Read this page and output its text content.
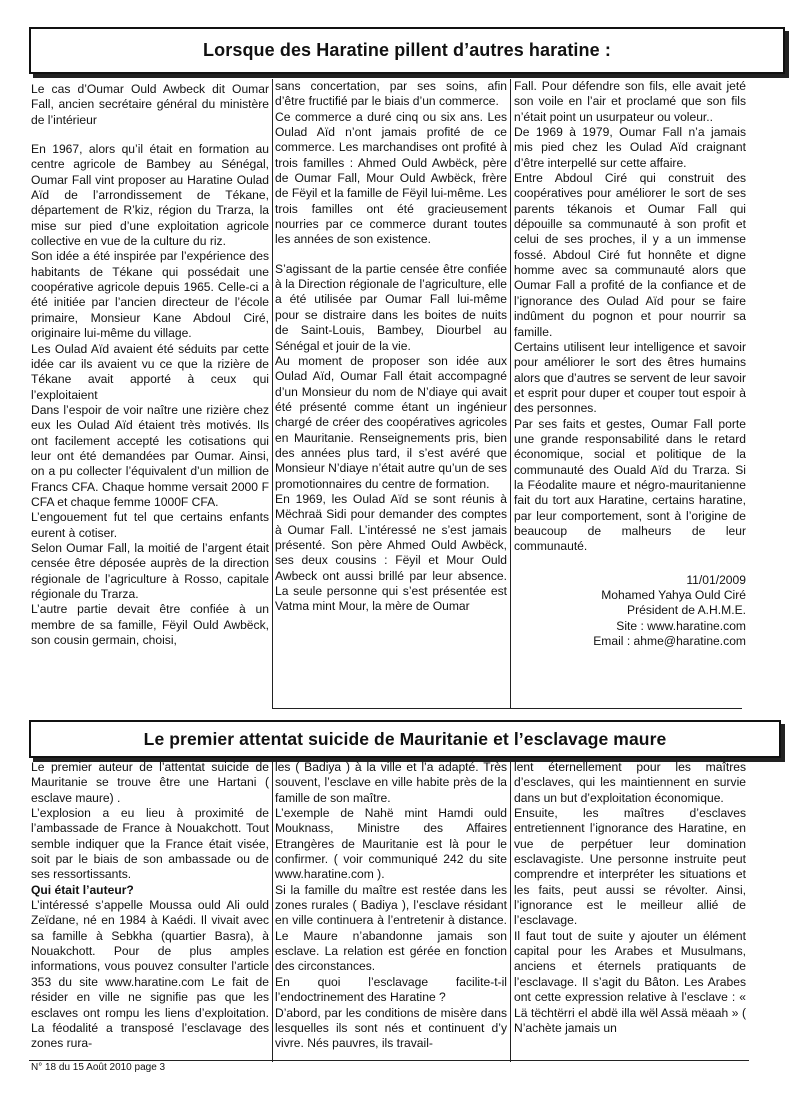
Lorsque des Haratine pillent d’autres haratine :

Le cas d’Oumar Ould Awbeck dit Oumar Fall, ancien secrétaire général du ministère de l’intérieur

En 1967, alors qu’il était en formation au centre agricole de Bambey au Sénégal, Oumar Fall vint proposer au Haratine Oulad Aïd de l’arrondissement de Tékane, département de R’kiz, région du Trarza, la mise sur pied d’une exploitation agricole collective en vue de la culture du riz.

Son idée a été inspirée par l’expérience des habitants de Tékane qui possédait une coopérative agricole depuis 1965. Celle-ci a été initiée par l’ancien directeur de l’école primaire, Monsieur Kane Abdoul Ciré, originaire lui-même du village.

Les Oulad Aïd avaient été séduits par cette idée car ils avaient vu ce que la rizière de Tékane avait apporté à ceux qui l’exploitaient

Dans l’espoir de voir naître une rizière chez eux les Oulad Aïd étaient très motivés. Ils ont facilement accepté les cotisations qui leur ont été demandées par Oumar. Ainsi, on a pu collecter l’équivalent d’un million de Francs CFA. Chaque homme versait 2000 F CFA et chaque femme 1000F CFA.

L’engouement fut tel que certains enfants eurent à cotiser.

Selon Oumar Fall, la moitié de l’argent était censée être déposée auprès de la direction régionale de l’agriculture à Rosso, capitale régionale du Trarza.

L’autre partie devait être confiée à un membre de sa famille, Fëyil Ould Awbëck, son cousin germain, choisi,

sans concertation, par ses soins, afin d’être fructifié par le biais d’un commerce.

Ce commerce a duré cinq ou six ans. Les Oulad Aïd n’ont jamais profité de ce commerce. Les marchandises ont profité à trois familles : Ahmed Ould Awbëck, père de Oumar Fall, Mour Ould Awbëck, frère de Fëyil et la famille de Fëyil lui-même. Les trois familles ont été gracieusement nourries par ce commerce durant toutes les années de son existence.

S’agissant de la partie censée être confiée à la Direction régionale de l’agriculture, elle a été utilisée par Oumar Fall lui-même pour se distraire dans les boites de nuits de Saint-Louis, Bambey, Diourbel au Sénégal et jouir de la vie.

Au moment de proposer son idée aux Oulad Aïd, Oumar Fall était accompagné d’un Monsieur du nom de N’diaye qui avait été présenté comme étant un ingénieur chargé de créer des coopératives agricoles en Mauritanie. Renseignements pris, bien des années plus tard, il s’est avéré que Monsieur N’diaye n’était autre qu’un de ses promotionnaires du centre de formation.

En 1969, les Oulad Aïd se sont réunis à Mëchraä Sidi pour demander des comptes à Oumar Fall. L’intéressé ne s’est jamais présenté. Son père Ahmed Ould Awbëck, ses deux cousins : Fëyil et Mour Ould Awbeck ont aussi brillé par leur absence. La seule personne qui s’est présentée est Vatma mint Mour, la mère de Oumar

Fall. Pour défendre son fils, elle avait jeté son voile en l’air et proclamé que son fils n’était point un usurpateur ou voleur..

De 1969 à 1979, Oumar Fall n’a jamais mis pied chez les Oulad Aïd craignant d’être interpellé sur cette affaire.

Entre Abdoul Ciré qui construit des coopératives pour améliorer le sort de ses parents tékanois et Oumar Fall qui dépouille sa communauté à son profit et celui de ses proches, il y a un immense fossé. Abdoul Ciré fut honnête et digne homme avec sa communauté alors que Oumar Fall a profité de la confiance et de l’ignorance des Oulad Aïd pour se faire indûment du pognon et pour nourrir sa famille.

Certains utilisent leur intelligence et savoir pour améliorer le sort des êtres humains alors que d’autres se servent de leur savoir et esprit pour duper et couper tout espoir à des personnes.

Par ses faits et gestes, Oumar Fall porte une grande responsabilité dans le retard économique, social et politique de la communauté des Ouald Aïd du Trarza. Si la Féodalite maure et négro-mauritanienne fait du tort aux Haratine, certains haratine, par leur comportement, sont à l’origine de beaucoup de malheurs de leur communauté.

11/01/2009

Mohamed Yahya Ould Ciré

Président de A.H.M.E.

Site : www.haratine.com

Email : ahme@haratine.com

Le premier attentat suicide de Mauritanie et l’esclavage maure

Le premier auteur de l’attentat suicide de Mauritanie se trouve être une Hartani ( esclave maure) .

L’explosion a eu lieu à proximité de l’ambassade de France à Nouakchott. Tout semble indiquer que la France était visée, soit par le biais de son ambassade ou de ses ressortissants.

Qui était l’auteur?

L’intéressé s’appelle Moussa ould Ali ould Zeïdane, né en 1984 à Kaédi. Il vivait avec sa famille à Sebkha (quartier Basra), à Nouakchott. Pour de plus amples informations, vous pouvez consulter l’article 353 du site www.haratine.com Le fait de résider en ville ne signifie pas que les esclaves ont rompu les liens d’exploitation. La féodalité a transposé l’esclavage des zones rura-

les ( Badiya ) à la ville et l’a adapté. Très souvent, l’esclave en ville habite près de la famille de son maître.

L’exemple de Nahë mint Hamdi ould Mouknass, Ministre des Affaires Etrangères de Mauritanie est là pour le confirmer. ( voir communiqué 242 du site www.haratine.com ).

Si la famille du maître est restée dans les zones rurales ( Badiya ), l’esclave résidant en ville continuera à l’entretenir à distance. Le Maure n’abandonne jamais son esclave. La relation est gérée en fonction des circonstances.

En quoi l’esclavage facilite-t-il l’endoctrinement des Haratine ?

D’abord, par les conditions de misère dans lesquelles ils sont nés et continuent d’y vivre. Nés pauvres, ils travail-

lent éternellement pour les maîtres d’esclaves, qui les maintiennent en survie dans un but d’exploitation économique.

Ensuite, les maîtres d’esclaves entretiennent l’ignorance des Haratine, en vue de perpétuer leur domination esclavagiste. Une personne instruite peut comprendre et interpréter les situations et les faits, peut aussi se révolter. Ainsi, l’ignorance est le meilleur allié de l’esclavage.

Il faut tout de suite y ajouter un élément capital pour les Arabes et Musulmans, anciens et éternels pratiquants de l’esclavage. Il s’agit du Bâton. Les Arabes ont cette expression relative à l’esclave : « Lä tëchtërri el abdë illa wël Assä mëaah » ( N’achète jamais un

N° 18 du 15 Août 2010 page 3
